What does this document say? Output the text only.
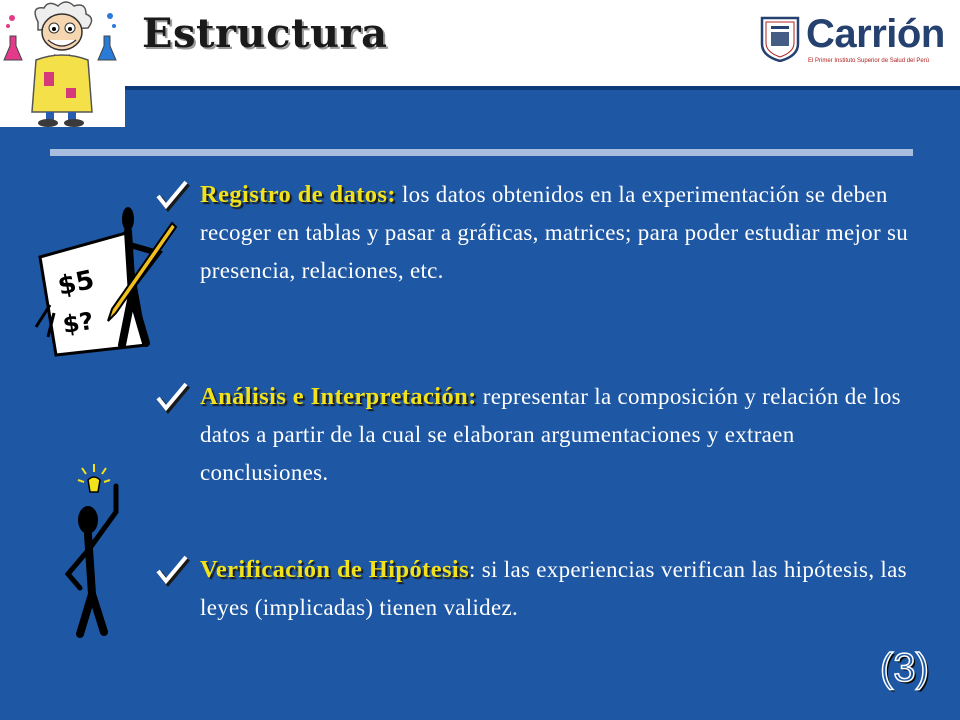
Estructura	Carrión
El Primer Instituto Superior de Salud del Perú
$5
$?
Registro de datos: los datos obtenidos en la experimentación se deben recoger en tablas y pasar a gráficas, matrices; para poder estudiar mejor su presencia, relaciones, etc.
Análisis e Interpretación: representar la composición y relación de los datos a partir de la cual se elaboran argumentaciones y extraen conclusiones.
Verificación de Hipótesis: si las experiencias verifican las hipótesis, las leyes (implicadas) tienen validez.
(3)
